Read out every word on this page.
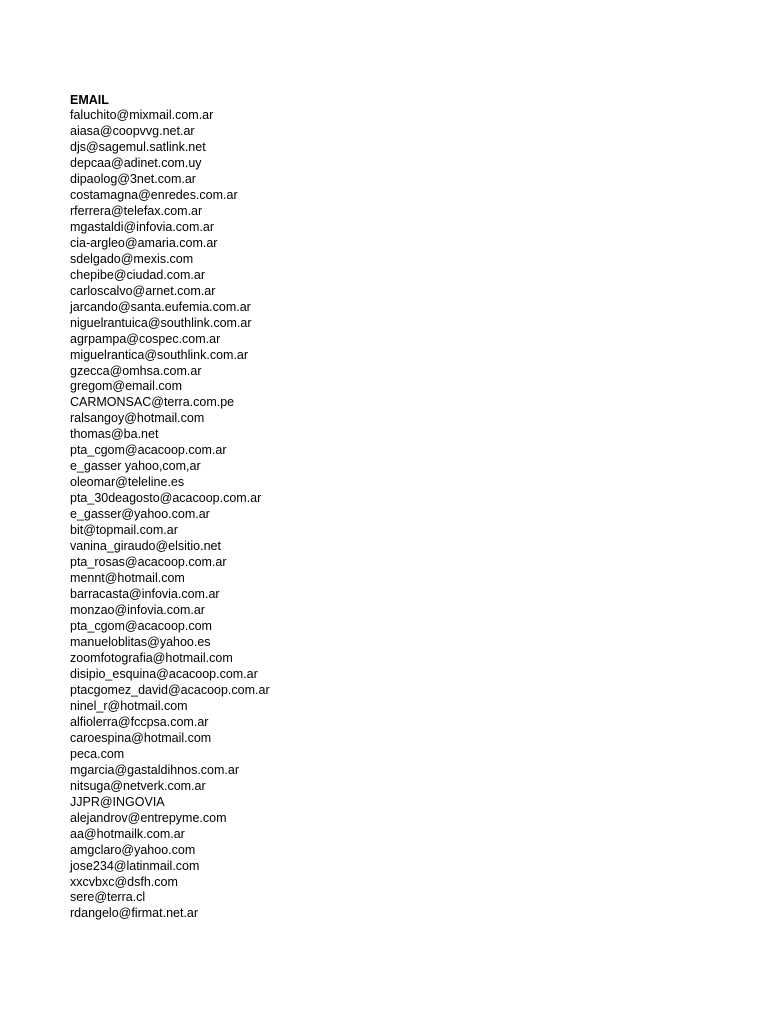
EMAIL
faluchito@mixmail.com.ar
aiasa@coopvvg.net.ar
djs@sagemul.satlink.net
depcaa@adinet.com.uy
dipaolog@3net.com.ar
costamagna@enredes.com.ar
rferrera@telefax.com.ar
mgastaldi@infovia.com.ar
cia-argleo@amaria.com.ar
sdelgado@mexis.com
chepibe@ciudad.com.ar
carloscalvo@arnet.com.ar
jarcando@santa.eufemia.com.ar
niguelrantuica@southlink.com.ar
agrpampa@cospec.com.ar
miguelrantica@southlink.com.ar
gzecca@omhsa.com.ar
gregom@email.com
CARMONSAC@terra.com.pe
ralsangoy@hotmail.com
thomas@ba.net
pta_cgom@acacoop.com.ar
e_gasser yahoo,com,ar
oleomar@teleline.es
pta_30deagosto@acacoop.com.ar
e_gasser@yahoo.com.ar
bit@topmail.com.ar
vanina_giraudo@elsitio.net
pta_rosas@acacoop.com.ar
mennt@hotmail.com
barracasta@infovia.com.ar
monzao@infovia.com.ar
pta_cgom@acacoop.com
manueloblitas@yahoo.es
zoomfotografia@hotmail.com
disipio_esquina@acacoop.com.ar
ptacgomez_david@acacoop.com.ar
ninel_r@hotmail.com
alfiolerra@fccpsa.com.ar
caroespina@hotmail.com
peca.com
mgarcia@gastaldihnos.com.ar
nitsuga@netverk.com.ar
JJPR@INGOVIA
alejandrov@entrepyme.com
aa@hotmailk.com.ar
amgclaro@yahoo.com
jose234@latinmail.com
xxcvbxc@dsfh.com
sere@terra.cl
rdangelo@firmat.net.ar
